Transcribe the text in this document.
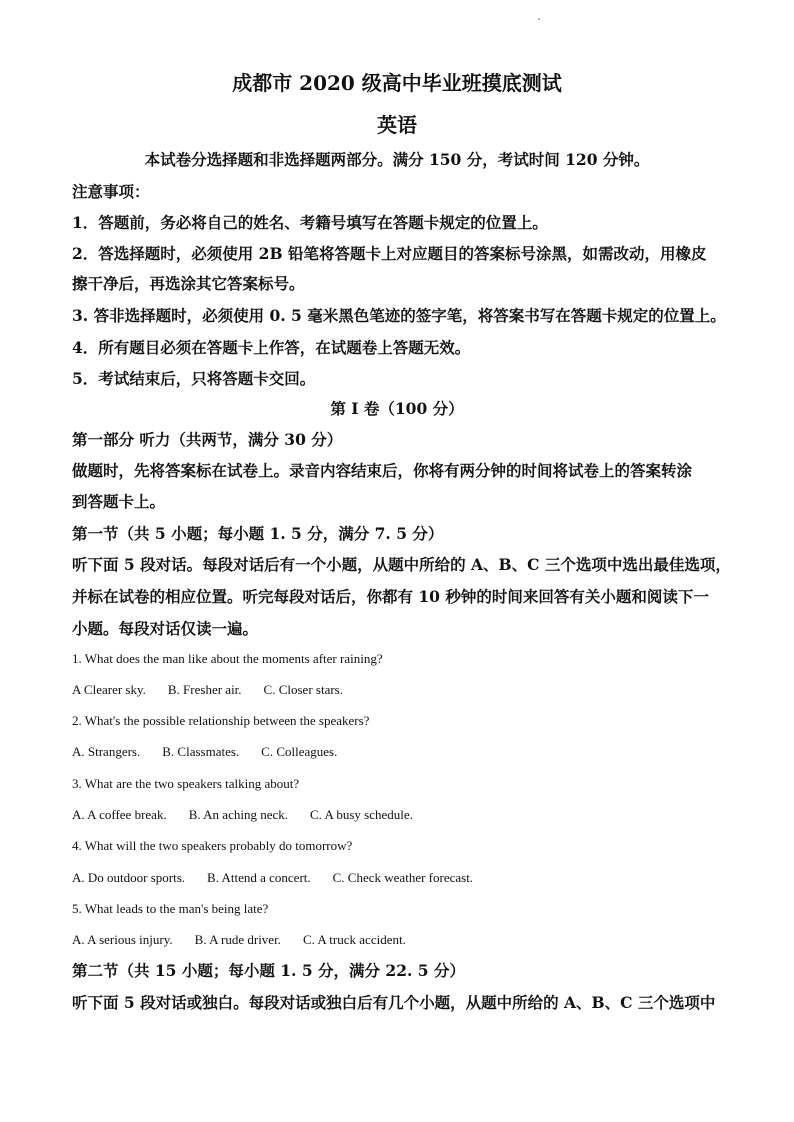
成都市 2020 级高中毕业班摸底测试
英语
本试卷分选择题和非选择题两部分。满分 150 分，考试时间 120 分钟。
注意事项：
1．答题前，务必将自己的姓名、考籍号填写在答题卡规定的位置上。
2．答选择题时，必须使用 2B 铅笔将答题卡上对应题目的答案标号涂黑，如需改动，用橡皮
擦干净后，再选涂其它答案标号。
3. 答非选择题时，必须使用 0. 5 毫米黑色笔迹的签字笔，将答案书写在答题卡规定的位置上。
4．所有题目必须在答题卡上作答，在试题卷上答题无效。
5．考试结束后，只将答题卡交回。
第 I 卷（100 分）
第一部分 听力（共两节，满分 30 分）
做题时，先将答案标在试卷上。录音内容结束后，你将有两分钟的时间将试卷上的答案转涂
到答题卡上。
第一节（共 5 小题；每小题 1. 5 分，满分 7. 5 分）
听下面 5 段对话。每段对话后有一个小题，从题中所给的 A、B、C 三个选项中选出最佳选项，
并标在试卷的相应位置。听完每段对话后，你都有 10 秒钟的时间来回答有关小题和阅读下一
小题。每段对话仅读一遍。
1. What does the man like about the moments after raining?
A Clearer sky. B. Fresher air. C. Closer stars.
2. What's the possible relationship between the speakers?
A. Strangers. B. Classmates. C. Colleagues.
3. What are the two speakers talking about?
A. A coffee break. B. An aching neck. C. A busy schedule.
4. What will the two speakers probably do tomorrow?
A. Do outdoor sports. B. Attend a concert. C. Check weather forecast.
5. What leads to the man's being late?
A. A serious injury. B. A rude driver. C. A truck accident.
第二节（共 15 小题；每小题 1. 5 分，满分 22. 5 分）
听下面 5 段对话或独白。每段对话或独白后有几个小题，从题中所给的 A、B、C 三个选项中
